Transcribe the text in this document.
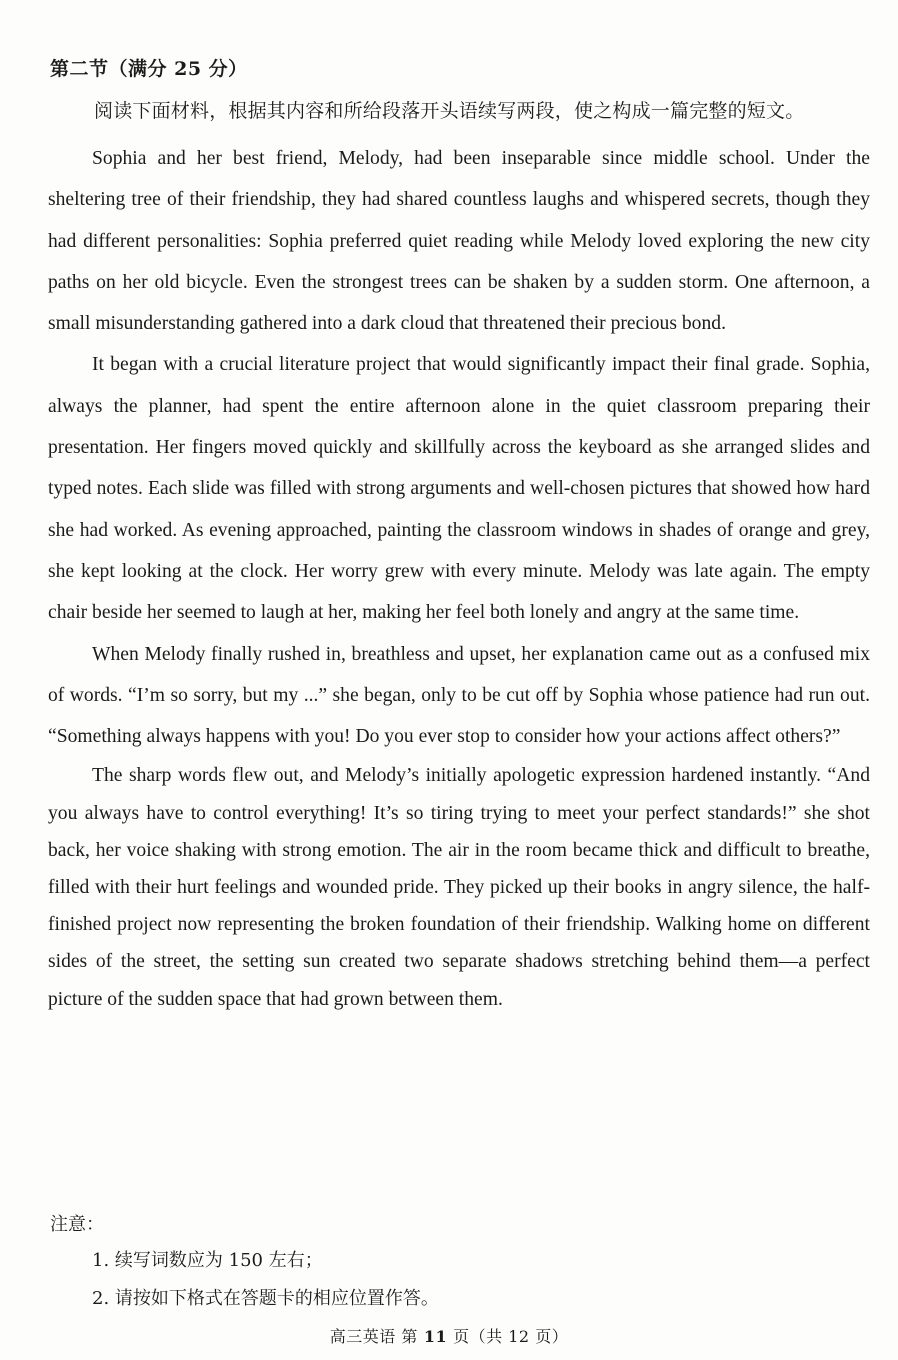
第二节（满分 25 分）
阅读下面材料，根据其内容和所给段落开头语续写两段，使之构成一篇完整的短文。

Sophia and her best friend, Melody, had been inseparable since middle school. Under the sheltering tree of their friendship, they had shared countless laughs and whispered secrets, though they had different personalities: Sophia preferred quiet reading while Melody loved exploring the new city paths on her old bicycle. Even the strongest trees can be shaken by a sudden storm. One afternoon, a small misunderstanding gathered into a dark cloud that threatened their precious bond.

It began with a crucial literature project that would significantly impact their final grade. Sophia, always the planner, had spent the entire afternoon alone in the quiet classroom preparing their presentation. Her fingers moved quickly and skillfully across the keyboard as she arranged slides and typed notes. Each slide was filled with strong arguments and well-chosen pictures that showed how hard she had worked. As evening approached, painting the classroom windows in shades of orange and grey, she kept looking at the clock. Her worry grew with every minute. Melody was late again. The empty chair beside her seemed to laugh at her, making her feel both lonely and angry at the same time.

When Melody finally rushed in, breathless and upset, her explanation came out as a confused mix of words. “I’m so sorry, but my ...” she began, only to be cut off by Sophia whose patience had run out. “Something always happens with you! Do you ever stop to consider how your actions affect others?”

The sharp words flew out, and Melody’s initially apologetic expression hardened instantly. “And you always have to control everything! It’s so tiring trying to meet your perfect standards!” she shot back, her voice shaking with strong emotion. The air in the room became thick and difficult to breathe, filled with their hurt feelings and wounded pride. They picked up their books in angry silence, the half-finished project now representing the broken foundation of their friendship. Walking home on different sides of the street, the setting sun created two separate shadows stretching behind them—a perfect picture of the sudden space that had grown between them.

注意：
1. 续写词数应为 150 左右；
2. 请按如下格式在答题卡的相应位置作答。
高三英语 第 11 页（共 12 页）
